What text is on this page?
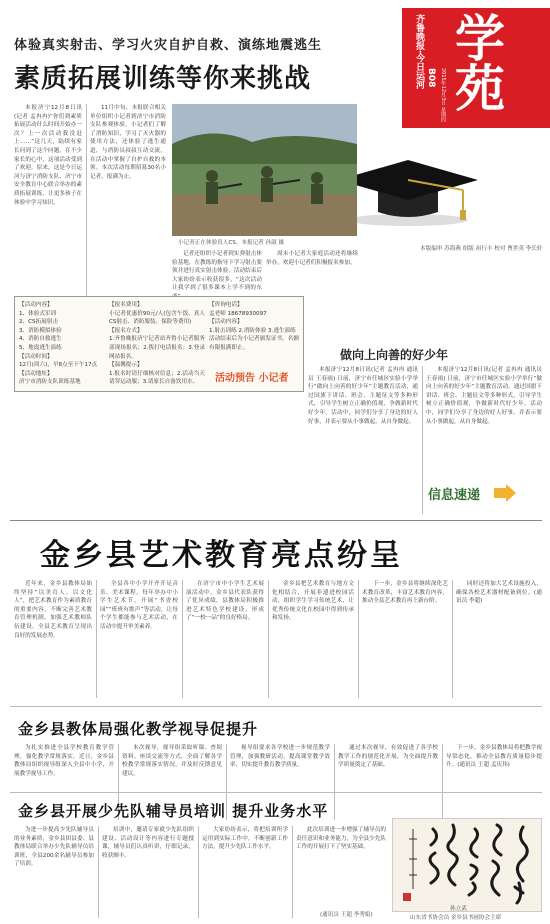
体验真实射击、学习火灾自护自救、演练地震逃生
素质拓展训练等你来挑战	齐鲁晚报·今日运河 B08 2015年12月3日 星期四 学苑
本版编审 苏海燕 组版 祖行丰 校对 曹世英 李长轩

本报济宁12月8日讯(记者 孟冉冉)“你们到素质拓展活动什么时间开始办一次？上一次活动我没赶上……”这几天，陆续有家长问到了这个问题，在不少家长的心中，这项活动受到了欢迎。原来，这是今日运河与济宁消防支队、济宁市安全教育中心联合举办的素质拓展训练，让更多孩子在体验中学习知识。

11月中旬，本报联合相关单位组织小记者到济宁市消防支队参观体验，小记者们了解了消防知识，学习了灭火器的使用方法，还体验了逃生通道，与消防员叔叔互动交流，在活动中掌握了自护自救的本领。本次活动每期招募30名小记者，报满为止。

小记者正在体验真人CS。本报记者 孙淑 摄

记者还组织小记者到实弹射击体验基地，在教练的指导下学习射击要领并进行真实射击体验，活动结束后大家纷纷表示收获很多，“这次活动让我学到了很多课本上学不到的东

周末小记者大家庭活动还将继续举办，欢迎小记者们积极报名参加。

【活动内容】
1、体验式军训
2、CS拓展射击
3、消防模拟体验
4、消防自救逃生
5、地震逃生演练
【活动时间】
12月(周六)，早8点至下午17点
【活动地址】
济宁市消防支队训练基地
【报名费用】
小记者优惠价90元/人(包含午饭、真人CS射击、消防服装、保险等费用)
【报名方式】
1.齐鲁晚报济宁记者站齐鲁小记者服务部现场报名；2.拨打电话报名；3.登录网站报名。
【温馨提示】
1.报名时请仔细核对信息；2.活动当天请穿运动服；3.请家长自备饮用水。
【咨询电话】
孟老师 18678930097
【活动内容】
1.射击训练 2.消防体验 3.逃生演练
活动结束后为小记者颁发证书，名额有限报满即止。
活动预告 小记者
做向上向善的好少年

本报济宁12月8日讯(记者 孟冉冉 通讯员 王春雨) 日前，济宁市任城区实验小学举行“做向上向善的好少年”主题教育活动，通过国旗下讲话、班会、主题征文等多种形式，引导学生树立正确价值观，争做新时代好少年。活动中，同学们分享了身边的好人好事，并表示要从小事做起，从自身做起。

本报济宁12月8日讯(记者 孟冉冉 通讯员 王春雨) 日前，济宁市任城区实验小学举行“做向上向善的好少年”主题教育活动，通过国旗下讲话、班会、主题征文等多种形式，引导学生树立正确价值观，争做新时代好少年。活动中，同学们分享了身边的好人好事，并表示要从小事做起，从自身做起。

信息速递
金乡县艺术教育亮点纷呈

近年来，金乡县教体局始终坚持“以美育人、以文化人”，把艺术教育作为素质教育的重要内容，不断完善艺术教育管理机制，加强艺术教师队伍建设，全县艺术教育呈现出良好的发展态势。

全县各中小学开齐开足音乐、美术课程，每年举办中小学生艺术节，开展“书香校园”“班班有歌声”等活动，让每个学生都能参与艺术活动，在活动中提升审美素养。

在济宁市中小学生艺术展演活动中，金乡县代表队获得了优异成绩。县教体局积极推进艺术特色学校建设，形成了“一校一品”的良好格局。

金乡县把艺术教育与地方文化相结合，开展非遗进校园活动，组织学生学习传统艺术，让优秀传统文化在校园中得到传承和发扬。

下一步，金乡县将继续深化艺术教育改革，丰富艺术教育内容，推动全县艺术教育再上新台阶。

同时还将加大艺术设施投入，确保各校艺术器材配备到位。(通讯员 李超)

金乡县教体局强化教学视导促提升

为扎实推进全县学校教育教学管理，强化教学常规落实，近日，金乡县教体局组织视导组深入全县中小学，开展教学视导工作。

本次视导，视导组采取听课、查阅资料、座谈交流等方式，全面了解各学校教学常规落实情况，并及时反馈意见建议。

视导组要求各学校进一步规范教学管理，加强教研活动，提高课堂教学效率，切实提升教育教学质量。

通过本次视导，有效促进了各学校教学工作的规范化开展，为全面提升教学质量奠定了基础。

下一步，金乡县教体局将把教学视导常态化，推动全县教育质量稳步提升。(通讯员 王超 孟庆伟)

金乡县开展少先队辅导员培训 提升业务水平

为进一步提高少先队辅导员的业务素质，金乡县团县委、县教体局联合举办少先队辅导员培训班，全县200余名辅导员参加了培训。

培训中，邀请专家就少先队组织建设、活动设计等内容进行专题授课，辅导员们认真听讲，仔细记录，收获颇丰。

大家纷纷表示，将把培训所学运用到实际工作中，不断创新工作方法，提升少先队工作水平。

此次培训进一步增强了辅导员的责任意识和业务能力，为全县少先队工作的开展打下了坚实基础。

(通讯员 王超 李秀娟)
孙立武
山东省书协会员 金乡县书画协会主席
